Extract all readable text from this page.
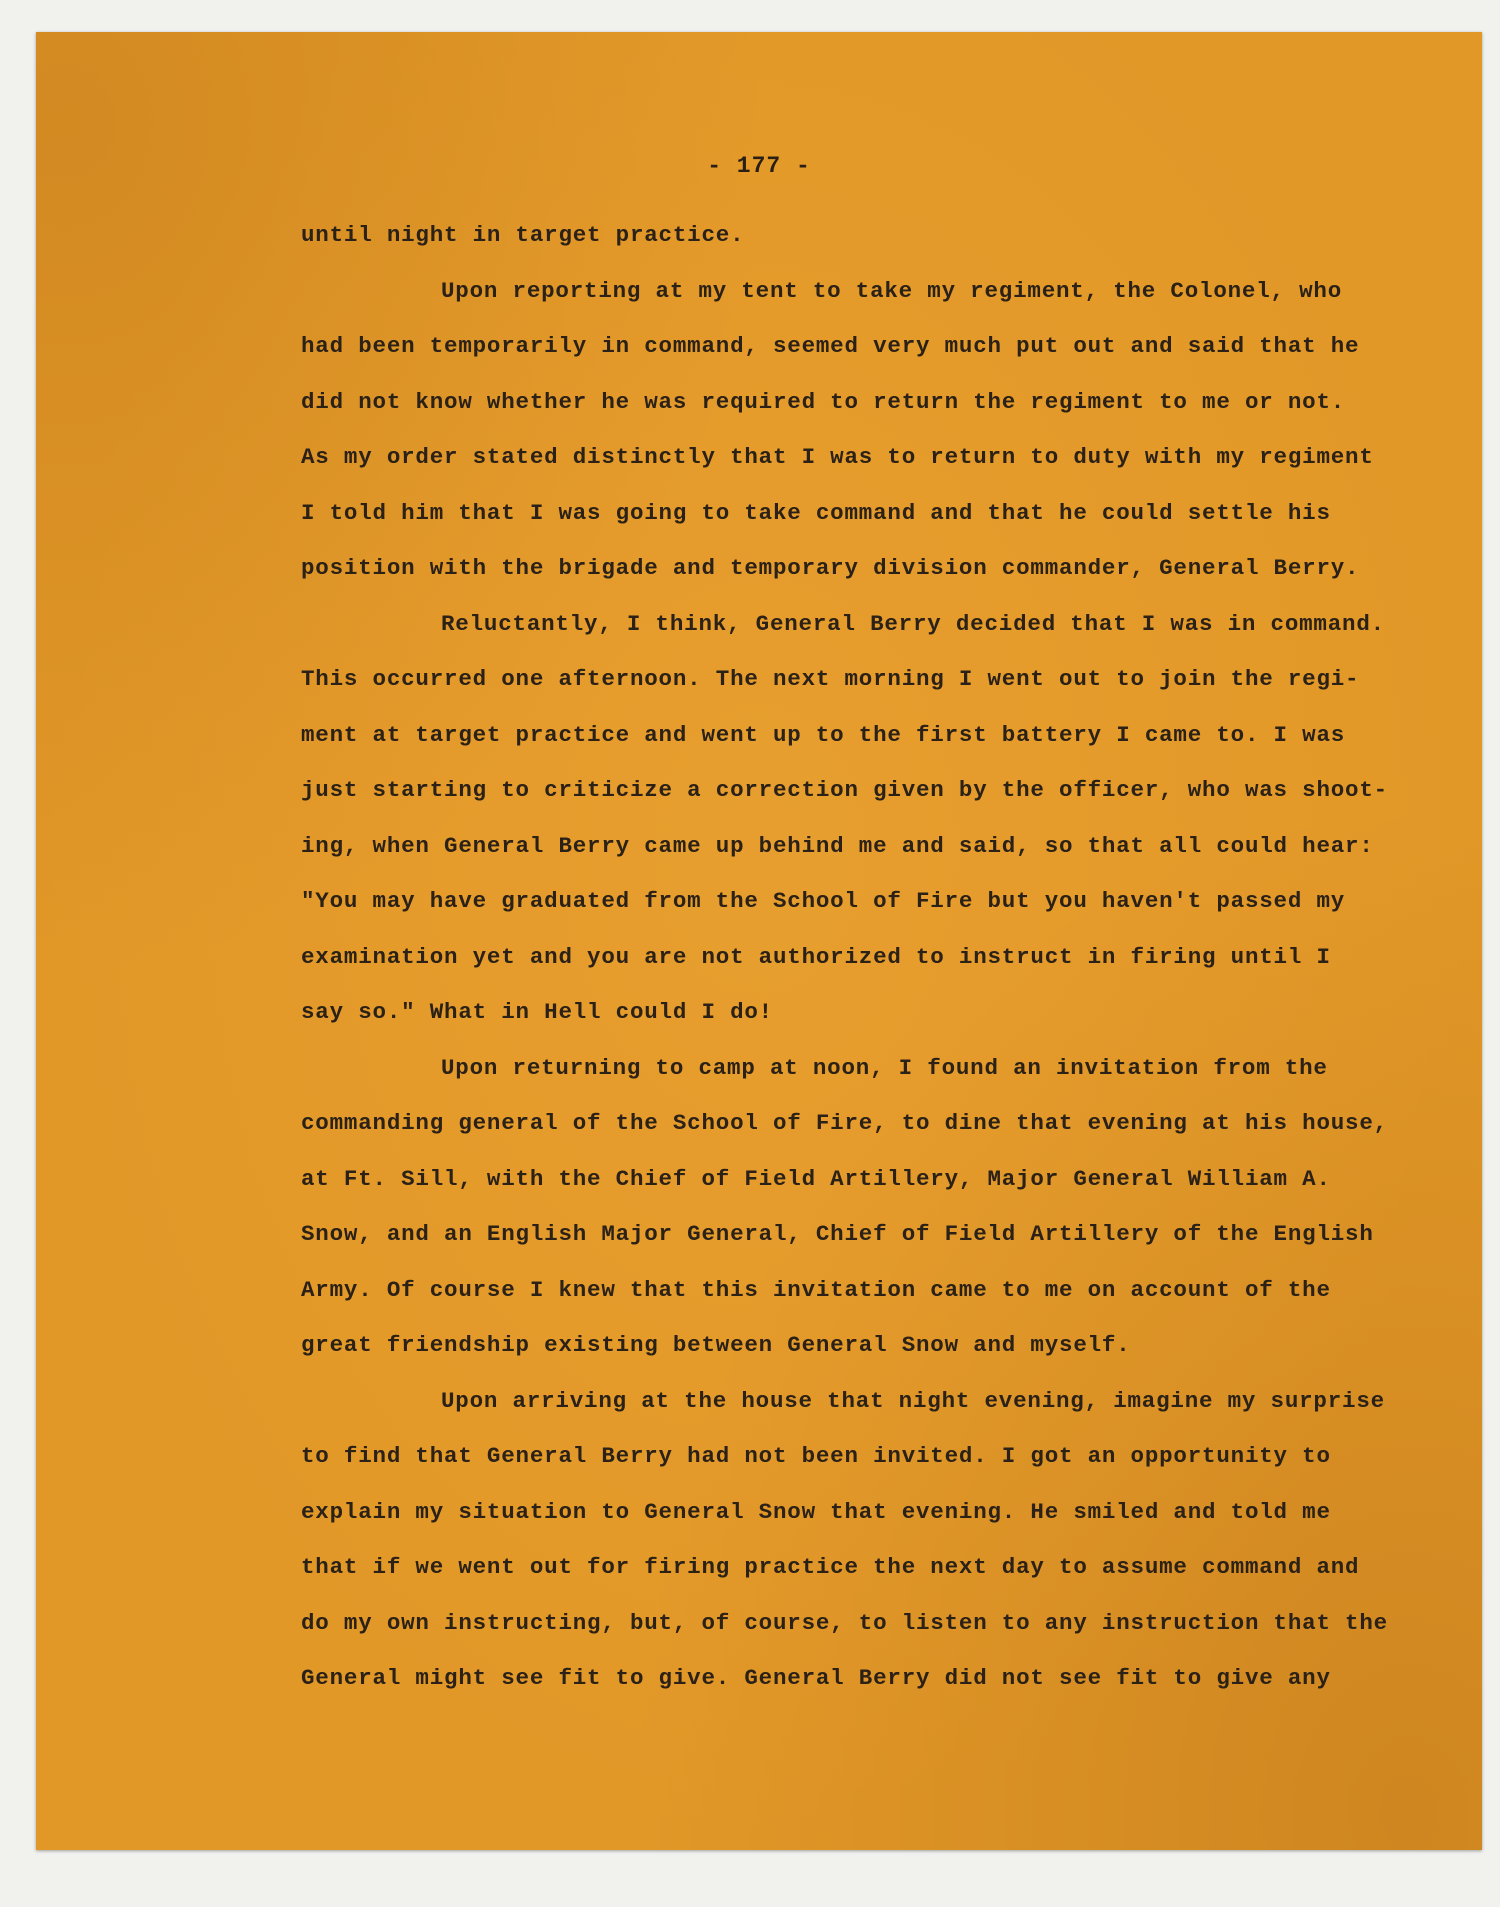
- 177 -
until night in target practice.
Upon reporting at my tent to take my regiment, the Colonel, who
had been temporarily in command, seemed very much put out and said that he
did not know whether he was required to return the regiment to me or not.
As my order stated distinctly that I was to return to duty with my regiment
I told him that I was going to take command and that he could settle his
position with the brigade and temporary division commander, General Berry.
Reluctantly, I think, General Berry decided that I was in command.
This occurred one afternoon. The next morning I went out to join the regi-
ment at target practice and went up to the first battery I came to. I was
just starting to criticize a correction given by the officer, who was shoot-
ing, when General Berry came up behind me and said, so that all could hear:
"You may have graduated from the School of Fire but you haven't passed my
examination yet and you are not authorized to instruct in firing until I
say so." What in Hell could I do!
Upon returning to camp at noon, I found an invitation from the
commanding general of the School of Fire, to dine that evening at his house,
at Ft. Sill, with the Chief of Field Artillery, Major General William A.
Snow, and an English Major General, Chief of Field Artillery of the English
Army. Of course I knew that this invitation came to me on account of the
great friendship existing between General Snow and myself.
Upon arriving at the house that night evening, imagine my surprise
to find that General Berry had not been invited. I got an opportunity to
explain my situation to General Snow that evening. He smiled and told me
that if we went out for firing practice the next day to assume command and
do my own instructing, but, of course, to listen to any instruction that the
General might see fit to give. General Berry did not see fit to give any
